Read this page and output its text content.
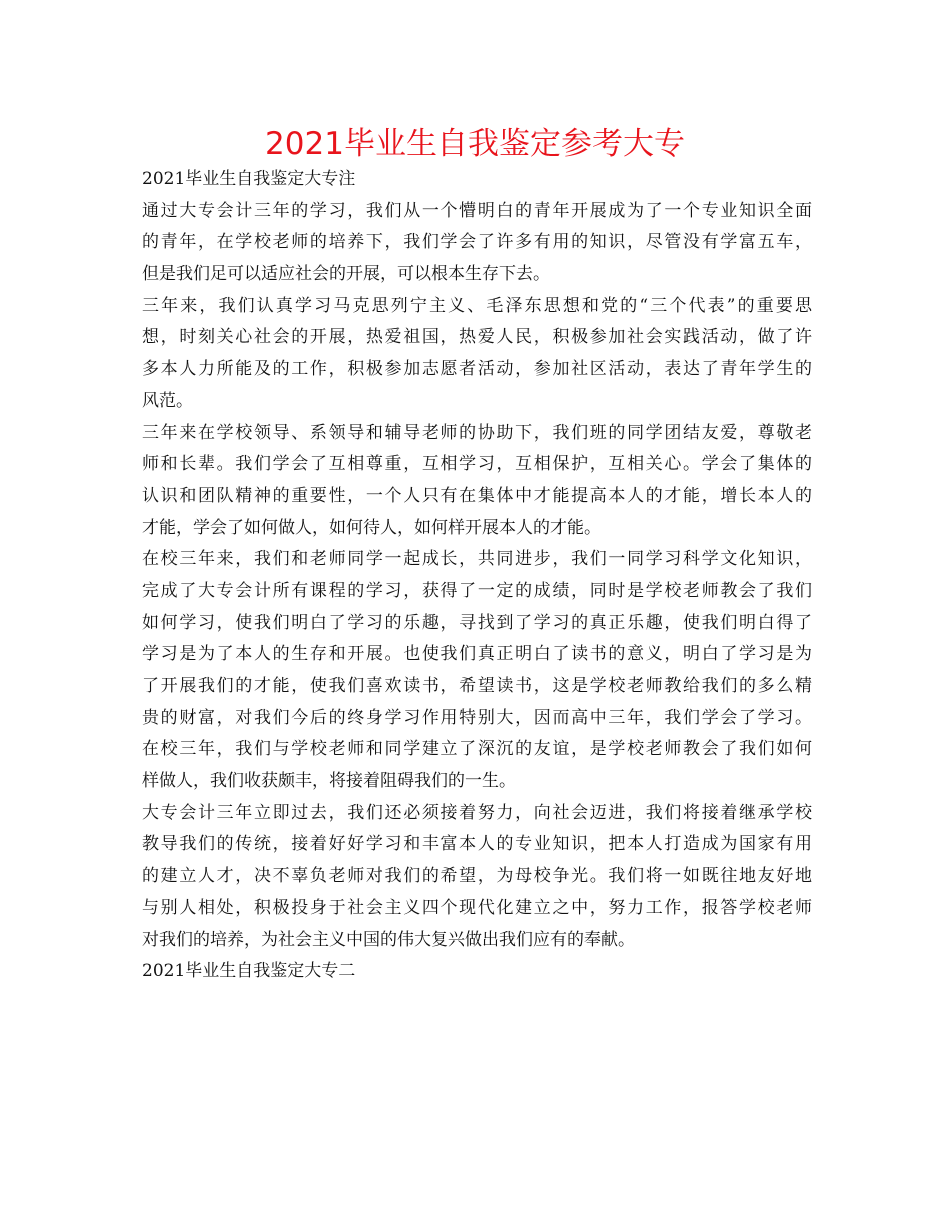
2021毕业生自我鉴定参考大专
2021毕业生自我鉴定大专注
通过大专会计三年的学习，我们从一个懵明白的青年开展成为了一个专业知识全面
的青年，在学校老师的培养下，我们学会了许多有用的知识，尽管没有学富五车，
但是我们足可以适应社会的开展，可以根本生存下去。
三年来，我们认真学习马克思列宁主义、毛泽东思想和党的“三个代表”的重要思
想，时刻关心社会的开展，热爱祖国，热爱人民，积极参加社会实践活动，做了许
多本人力所能及的工作，积极参加志愿者活动，参加社区活动，表达了青年学生的
风范。
三年来在学校领导、系领导和辅导老师的协助下，我们班的同学团结友爱，尊敬老
师和长辈。我们学会了互相尊重，互相学习，互相保护，互相关心。学会了集体的
认识和团队精神的重要性，一个人只有在集体中才能提高本人的才能，增长本人的
才能，学会了如何做人，如何待人，如何样开展本人的才能。
在校三年来，我们和老师同学一起成长，共同进步，我们一同学习科学文化知识，
完成了大专会计所有课程的学习，获得了一定的成绩，同时是学校老师教会了我们
如何学习，使我们明白了学习的乐趣，寻找到了学习的真正乐趣，使我们明白得了
学习是为了本人的生存和开展。也使我们真正明白了读书的意义，明白了学习是为
了开展我们的才能，使我们喜欢读书，希望读书，这是学校老师教给我们的多么精
贵的财富，对我们今后的终身学习作用特别大，因而高中三年，我们学会了学习。
在校三年，我们与学校老师和同学建立了深沉的友谊，是学校老师教会了我们如何
样做人，我们收获颇丰，将接着阻碍我们的一生。
大专会计三年立即过去，我们还必须接着努力，向社会迈进，我们将接着继承学校
教导我们的传统，接着好好学习和丰富本人的专业知识，把本人打造成为国家有用
的建立人才，决不辜负老师对我们的希望，为母校争光。我们将一如既往地友好地
与别人相处，积极投身于社会主义四个现代化建立之中，努力工作，报答学校老师
对我们的培养，为社会主义中国的伟大复兴做出我们应有的奉献。
2021毕业生自我鉴定大专二
